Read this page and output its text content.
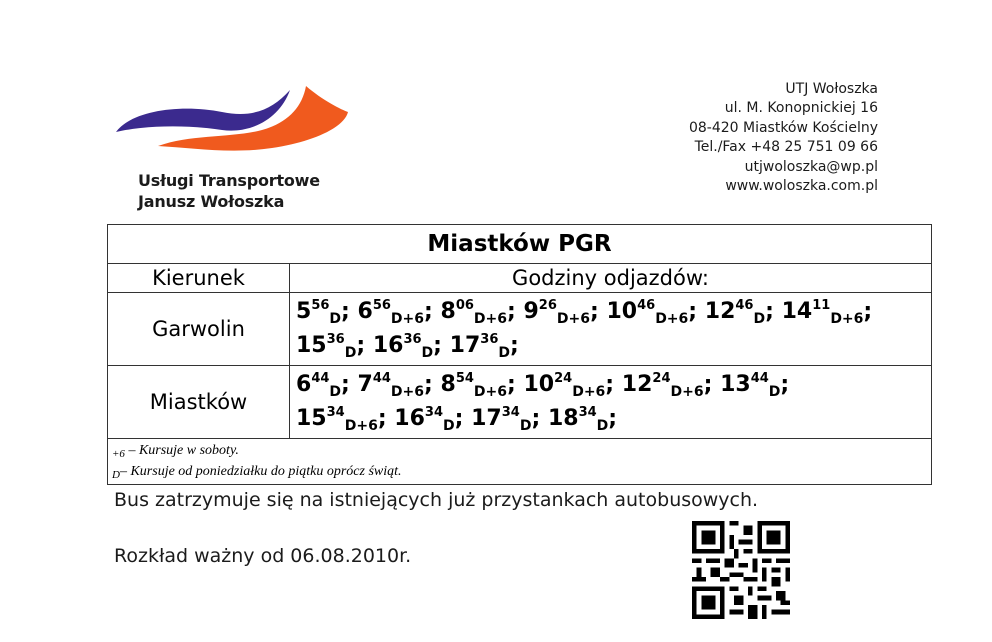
Usługi Transportowe
Janusz Wołoszka
UTJ Wołoszka
ul. M. Konopnickiej 16
08-420 Miastków Kościelny
Tel./Fax +48 25 751 09 66
utjwoloszka@wp.pl
www.woloszka.com.pl
Miastków PGR	
Kierunek	Godziny odjazdów:
Garwolin	$5^{56}_D$; $6^{56}_{D+6}$; $8^{06}_{D+6}$; $9^{26}_{D+6}$; $10^{46}_{D+6}$; $12^{46}_D$; $14^{11}_{D+6}$;
$15^{36}_D$; $16^{36}_D$; $17^{36}_D$;

Miastków	$6^{44}_D$; $7^{44}_{D+6}$; $8^{54}_{D+6}$; $10^{24}_{D+6}$; $12^{24}_{D+6}$; $13^{44}_D$;
$15^{34}_{D+6}$; $16^{34}_D$; $17^{34}_D$; $18^{34}_D$;

$_{+6}$ – Kursuje w soboty.
$_D$– Kursuje od poniedziałku do piątku oprócz świąt.	
Bus zatrzymuje się na istniejących już przystankach autobusowych.
Rozkład ważny od 06.08.2010r.
